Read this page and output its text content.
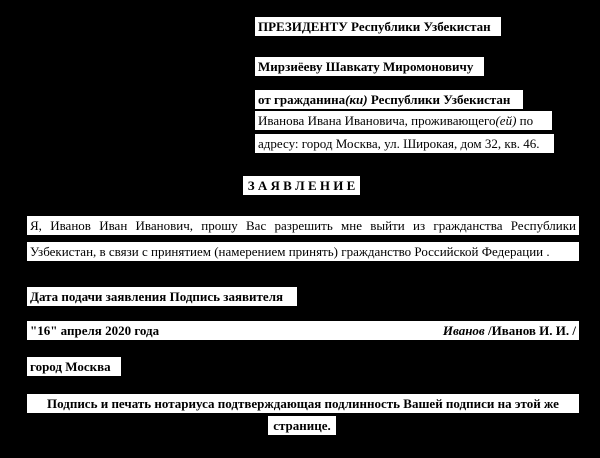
ПРЕЗИДЕНТУ Республики Узбекистан
Мирзиёеву Шавкату Миромоновичу
от гражданина(ки) Республики Узбекистан
Иванова Ивана Ивановича, проживающего(ей) по
адресу: город Москва, ул. Широкая, дом 32, кв. 46.
З А Я В Л Е Н И Е
Я, Иванов Иван Иванович, прошу Вас разрешить мне выйти из гражданства Республики
Узбекистан, в связи с принятием (намерением принять) гражданство Российской Федерации .
Дата подачи заявления Подпись заявителя
"16" апреля 2020 года	Иванов /Иванов И. И. /
город Москва
Подпись и печать нотариуса подтверждающая подлинность Вашей подписи на этой же
странице.
